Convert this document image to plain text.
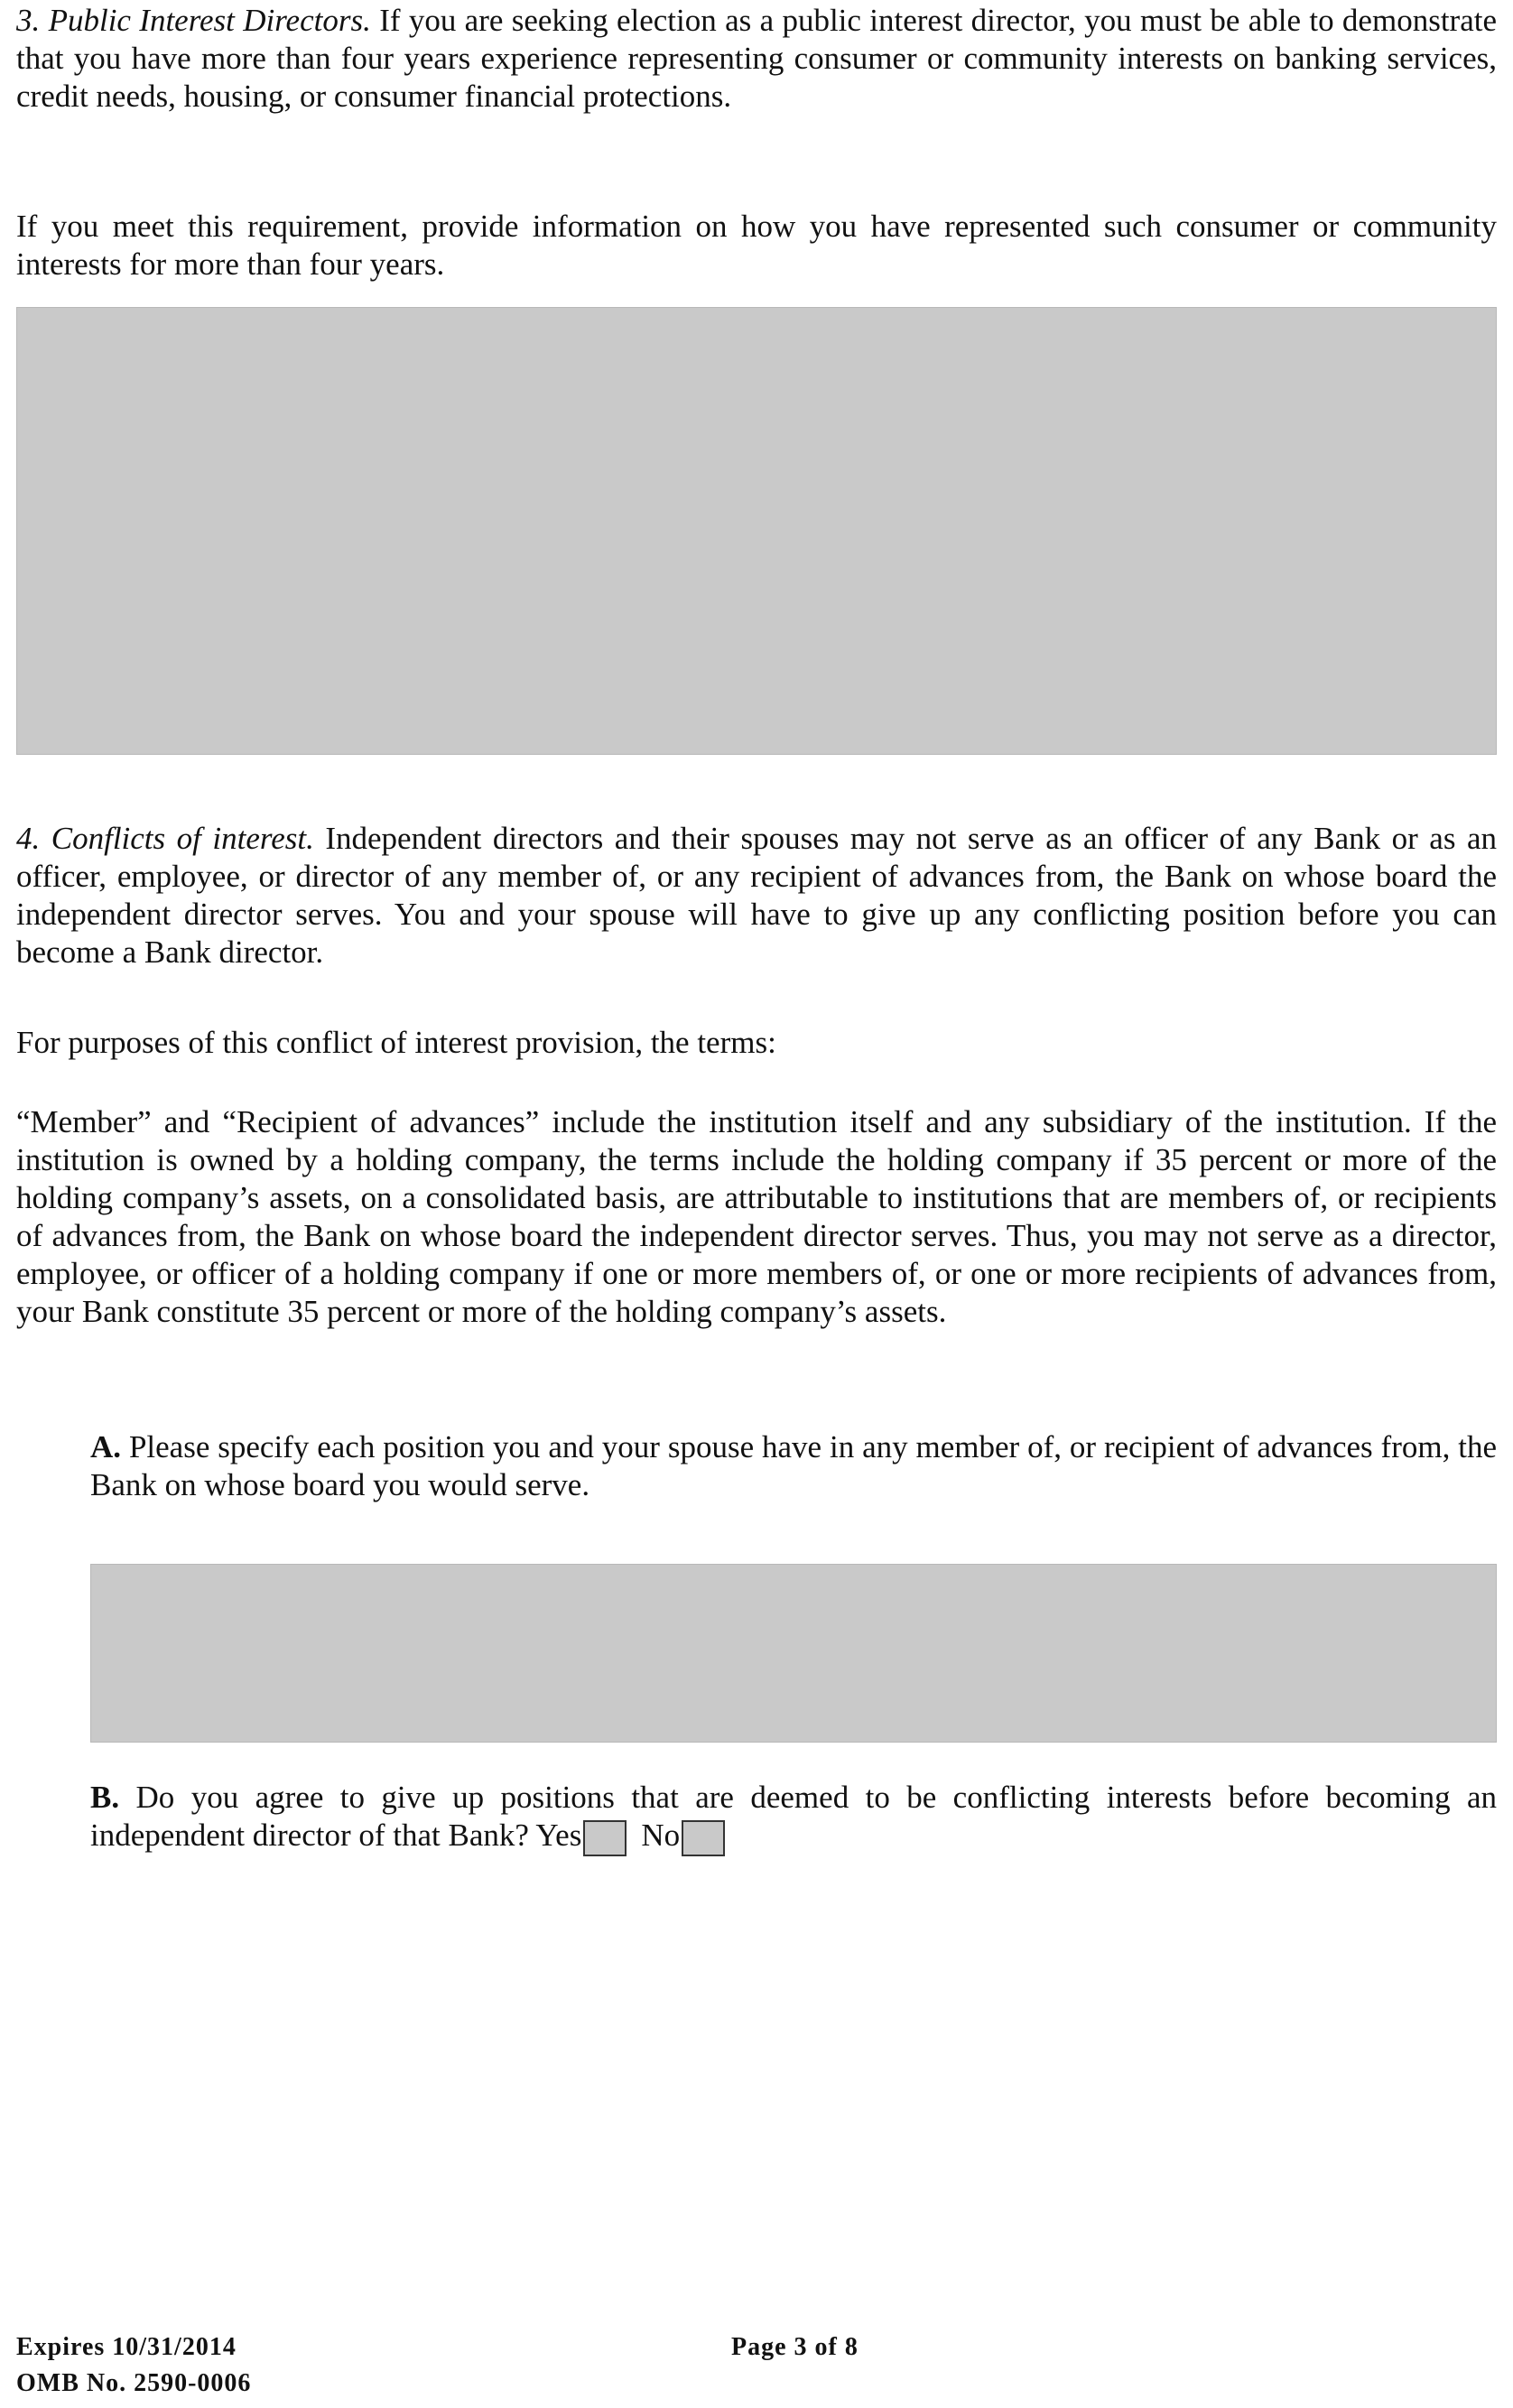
3. Public Interest Directors. If you are seeking election as a public interest director, you must be able to demonstrate that you have more than four years experience representing consumer or community interests on banking services, credit needs, housing, or consumer financial protections.

If you meet this requirement, provide information on how you have represented such consumer or community interests for more than four years.

4. Conflicts of interest. Independent directors and their spouses may not serve as an officer of any Bank or as an officer, employee, or director of any member of, or any recipient of advances from, the Bank on whose board the independent director serves. You and your spouse will have to give up any conflicting position before you can become a Bank director.

For purposes of this conflict of interest provision, the terms:

“Member” and “Recipient of advances” include the institution itself and any subsidiary of the institution. If the institution is owned by a holding company, the terms include the holding company if 35 percent or more of the holding company’s assets, on a consolidated basis, are attributable to institutions that are members of, or recipients of advances from, the Bank on whose board the independent director serves. Thus, you may not serve as a director, employee, or officer of a holding company if one or more members of, or one or more recipients of advances from, your Bank constitute 35 percent or more of the holding company’s assets.

A. Please specify each position you and your spouse have in any member of, or recipient of advances from, the Bank on whose board you would serve.

B. Do you agree to give up positions that are deemed to be conflicting interests before becoming an independent director of that Bank? Yes No

Expires 10/31/2014
OMB No. 2590-0006
Page 3 of 8
